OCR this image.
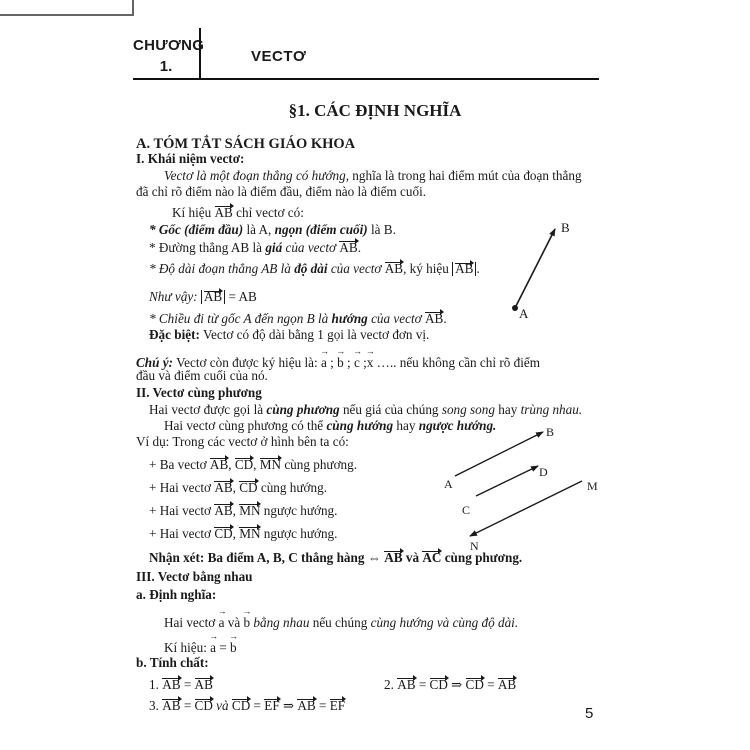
CHƯƠNG
1.
VECTƠ
§1. CÁC ĐỊNH NGHĨA
A. TÓM TẮT SÁCH GIÁO KHOA
I. Khái niệm vectơ:
Vectơ là một đoạn thẳng có hướng, nghĩa là trong hai điểm mút của đoạn thẳng
đã chỉ rõ điểm nào là điểm đầu, điểm nào là điểm cuối.
Kí hiệu AB chỉ vectơ có:
* Gốc (điểm đầu) là A, ngọn (điểm cuối) là B.
* Đường thẳng AB là giá của vectơ AB.
* Độ dài đoạn thẳng AB là độ dài của vectơ AB, ký hiệu AB .
Như vậy: AB = AB
* Chiều đi từ gốc A đến ngọn B là hướng của vectơ AB.
Đặc biệt: Vectơ có độ dài bằng 1 gọi là vectơ đơn vị.
Chú ý: Vectơ còn được ký hiệu là: → a ; → b ; → c ;→ x ….. nếu không cần chỉ rõ điểm
đầu và điểm cuối của nó.
II. Vectơ cùng phương
Hai vectơ được gọi là cùng phương nếu giá của chúng song song hay trùng nhau.
Hai vectơ cùng phương có thể cùng hướng hay ngược hướng.
Ví dụ: Trong các vectơ ở hình bên ta có:
+ Ba vectơ AB, CD, MN cùng phương.
+ Hai vectơ AB, CD cùng hướng.
+ Hai vectơ AB, MN ngược hướng.
+ Hai vectơ CD, MN ngược hướng.
Nhận xét: Ba điểm A, B, C thẳng hàng ⇔ AB và AC cùng phương.
III. Vectơ bằng nhau
a. Định nghĩa:
Hai vectơ → a và → b bằng nhau nếu chúng cùng hướng và cùng độ dài.
Kí hiệu: → a = → b
b. Tính chất:
1. AB = AB	2. AB = CD ⇒ CD = AB
3. AB = CD và CD = EF ⇒ AB = EF	5
B
A
B
A
D
C
M
N
